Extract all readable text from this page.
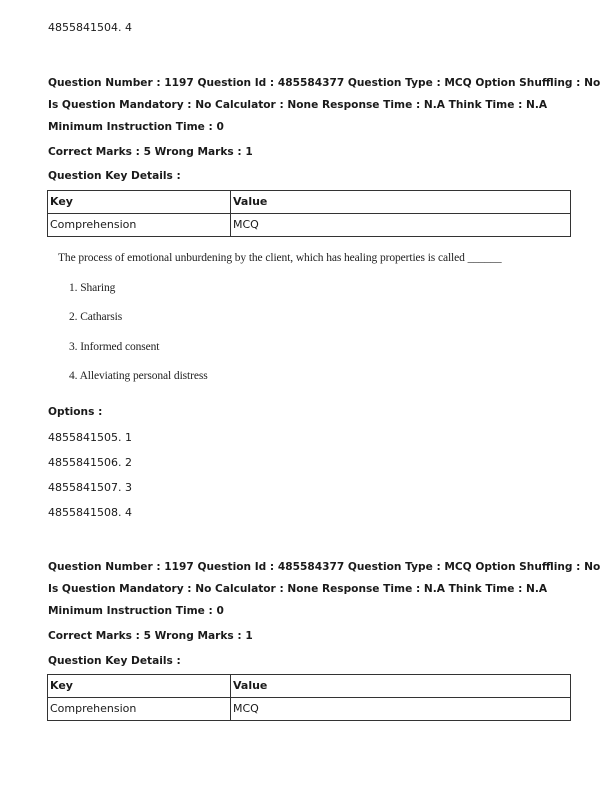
4855841504. 4
Question Number : 1197 Question Id : 485584377 Question Type : MCQ Option Shuffling : No
Is Question Mandatory : No Calculator : None Response Time : N.A Think Time : N.A
Minimum Instruction Time : 0
Correct Marks : 5 Wrong Marks : 1
Question Key Details :
Key	Value
Comprehension	MCQ
The process of emotional unburdening by the client, which has healing properties is called ______
1. Sharing
2. Catharsis
3. Informed consent
4. Alleviating personal distress
Options :
4855841505. 1
4855841506. 2
4855841507. 3
4855841508. 4
Question Number : 1197 Question Id : 485584377 Question Type : MCQ Option Shuffling : No
Is Question Mandatory : No Calculator : None Response Time : N.A Think Time : N.A
Minimum Instruction Time : 0
Correct Marks : 5 Wrong Marks : 1
Question Key Details :
Key	Value
Comprehension	MCQ
